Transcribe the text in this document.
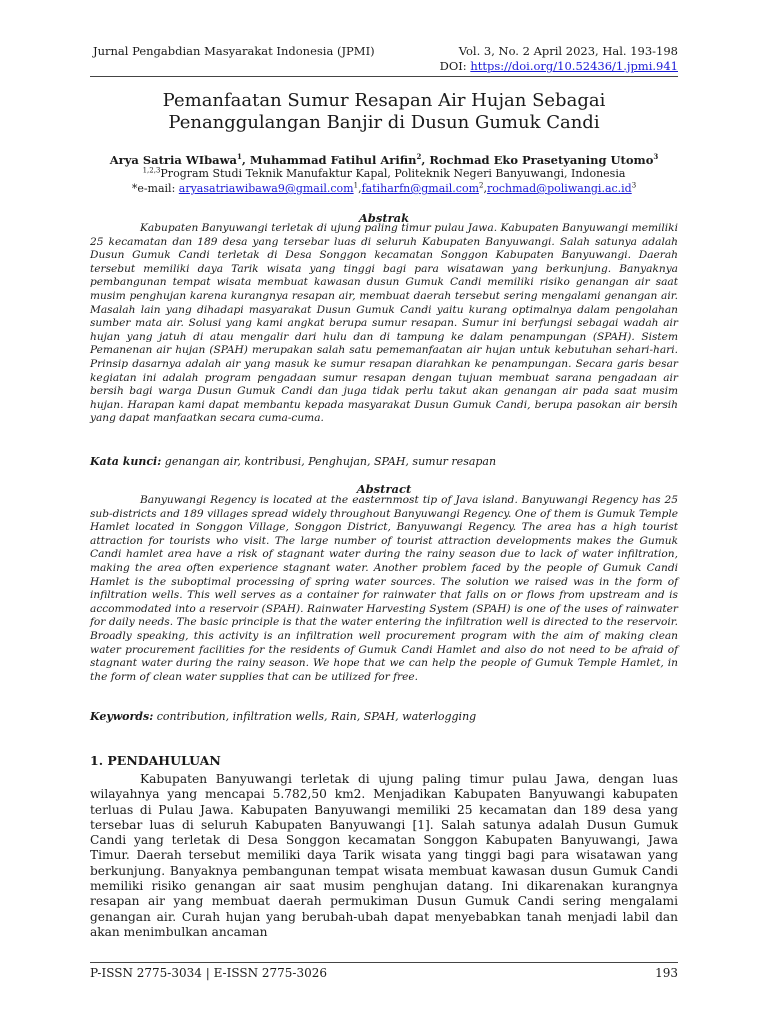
Jurnal Pengabdian Masyarakat Indonesia (JPMI)	Vol. 3, No. 2 April 2023, Hal. 193-198
DOI: https://doi.org/10.52436/1.jpmi.941
Pemanfaatan Sumur Resapan Air Hujan Sebagai Penanggulangan Banjir di Dusun Gumuk Candi
Arya Satria WIbawa$^1$, Muhammad Fatihul Arifin$^2$, Rochmad Eko Prasetyaning Utomo$^3$
$^{1,2,3}$Program Studi Teknik Manufaktur Kapal, Politeknik Negeri Banyuwangi, Indonesia
*e-mail: $aryasatriawibawa9@gmail.com^1,fatiharfn@gmail.com^2,rochmad@poliwangi.ac.id^3$
Abstrak
Kabupaten Banyuwangi terletak di ujung paling timur pulau Jawa. Kabupaten Banyuwangi memiliki 25 kecamatan dan 189 desa yang tersebar luas di seluruh Kabupaten Banyuwangi. Salah satunya adalah Dusun Gumuk Candi terletak di Desa Songgon kecamatan Songgon Kabupaten Banyuwangi. Daerah tersebut memiliki daya Tarik wisata yang tinggi bagi para wisatawan yang berkunjung. Banyaknya pembangunan tempat wisata membuat kawasan dusun Gumuk Candi memiliki risiko genangan air saat musim penghujan karena kurangnya resapan air, membuat daerah tersebut sering mengalami genangan air. Masalah lain yang dihadapi masyarakat Dusun Gumuk Candi yaitu kurang optimalnya dalam pengolahan sumber mata air. Solusi yang kami angkat berupa sumur resapan. Sumur ini berfungsi sebagai wadah air hujan yang jatuh di atau mengalir dari hulu dan di tampung ke dalam penampungan (SPAH). Sistem Pemanenan air hujan (SPAH) merupakan salah satu pememanfaatan air hujan untuk kebutuhan sehari-hari. Prinsip dasarnya adalah air yang masuk ke sumur resapan diarahkan ke penampungan. Secara garis besar kegiatan ini adalah program pengadaan sumur resapan dengan tujuan membuat sarana pengadaan air bersih bagi warga Dusun Gumuk Candi dan juga tidak perlu takut akan genangan air pada saat musim hujan. Harapan kami dapat membantu kepada masyarakat Dusun Gumuk Candi, berupa pasokan air bersih yang dapat manfaatkan secara cuma-cuma.
Kata kunci: genangan air, kontribusi, Penghujan, SPAH, sumur resapan
Abstract
Banyuwangi Regency is located at the easternmost tip of Java island. Banyuwangi Regency has 25 sub-districts and 189 villages spread widely throughout Banyuwangi Regency. One of them is Gumuk Temple Hamlet located in Songgon Village, Songgon District, Banyuwangi Regency. The area has a high tourist attraction for tourists who visit. The large number of tourist attraction developments makes the Gumuk Candi hamlet area have a risk of stagnant water during the rainy season due to lack of water infiltration, making the area often experience stagnant water. Another problem faced by the people of Gumuk Candi Hamlet is the suboptimal processing of spring water sources. The solution we raised was in the form of infiltration wells. This well serves as a container for rainwater that falls on or flows from upstream and is accommodated into a reservoir (SPAH). Rainwater Harvesting System (SPAH) is one of the uses of rainwater for daily needs. The basic principle is that the water entering the infiltration well is directed to the reservoir. Broadly speaking, this activity is an infiltration well procurement program with the aim of making clean water procurement facilities for the residents of Gumuk Candi Hamlet and also do not need to be afraid of stagnant water during the rainy season. We hope that we can help the people of Gumuk Temple Hamlet, in the form of clean water supplies that can be utilized for free.
Keywords: contribution, infiltration wells, Rain, SPAH, waterlogging
1. PENDAHULUAN
Kabupaten Banyuwangi terletak di ujung paling timur pulau Jawa, dengan luas wilayahnya yang mencapai 5.782,50 km2. Menjadikan Kabupaten Banyuwangi kabupaten terluas di Pulau Jawa. Kabupaten Banyuwangi memiliki 25 kecamatan dan 189 desa yang tersebar luas di seluruh Kabupaten Banyuwangi [1]. Salah satunya adalah Dusun Gumuk Candi yang terletak di Desa Songgon kecamatan Songgon Kabupaten Banyuwangi, Jawa Timur. Daerah tersebut memiliki daya Tarik wisata yang tinggi bagi para wisatawan yang berkunjung. Banyaknya pembangunan tempat wisata membuat kawasan dusun Gumuk Candi memiliki risiko genangan air saat musim penghujan datang. Ini dikarenakan kurangnya resapan air yang membuat daerah permukiman Dusun Gumuk Candi sering mengalami genangan air. Curah hujan yang berubah-ubah dapat menyebabkan tanah menjadi labil dan akan menimbulkan ancaman
P-ISSN 2775-3034 | E-ISSN 2775-3026	193
